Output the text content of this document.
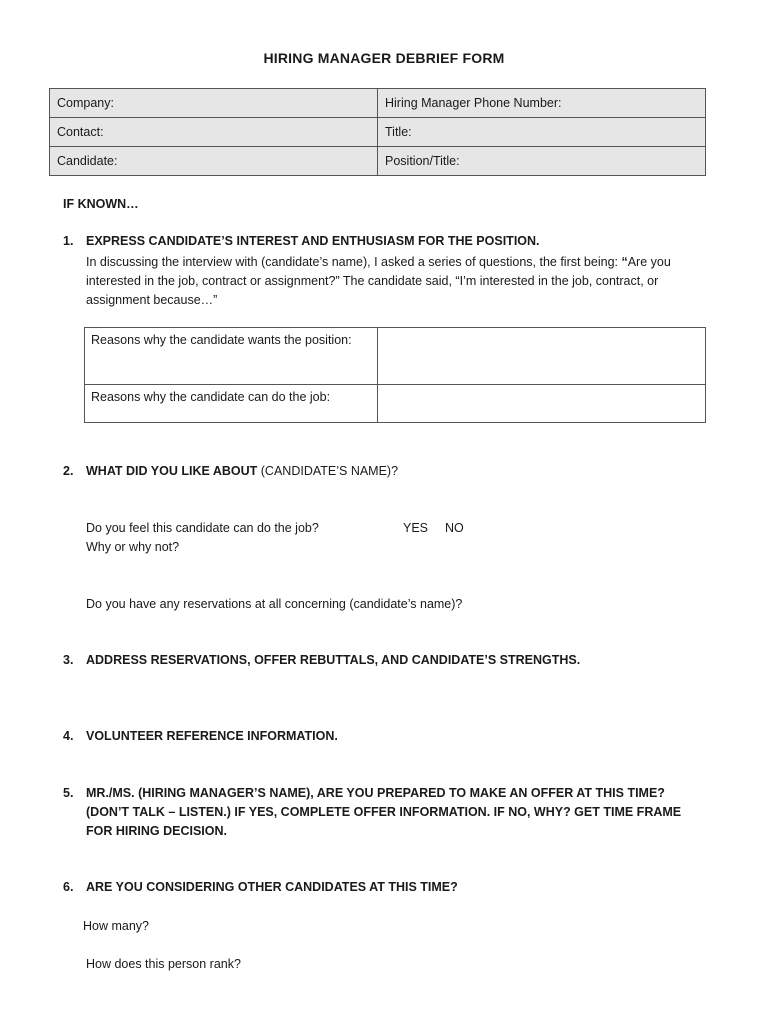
HIRING MANAGER DEBRIEF FORM
Company:	Hiring Manager Phone Number:
Contact:	Title:
Candidate:	Position/Title:
IF KNOWN…
1. EXPRESS CANDIDATE’S INTEREST AND ENTHUSIASM FOR THE POSITION.
In discussing the interview with (candidate’s name), I asked a series of questions, the first being: “Are you interested in the job, contract or assignment?” The candidate said, “I’m interested in the job, contract, or assignment because…”
Reasons why the candidate wants the position:	
Reasons why the candidate can do the job:	
2. WHAT DID YOU LIKE ABOUT (CANDIDATE’S NAME)?
Do you feel this candidate can do the job?	YES NO
Why or why not?
Do you have any reservations at all concerning (candidate’s name)?
3. ADDRESS RESERVATIONS, OFFER REBUTTALS, AND CANDIDATE’S STRENGTHS.
4. VOLUNTEER REFERENCE INFORMATION.
5. MR./MS. (HIRING MANAGER’S NAME), ARE YOU PREPARED TO MAKE AN OFFER AT THIS TIME?
(DON’T TALK – LISTEN.) IF YES, COMPLETE OFFER INFORMATION. IF NO, WHY? GET TIME FRAME
FOR HIRING DECISION.
6. ARE YOU CONSIDERING OTHER CANDIDATES AT THIS TIME?
How many?
How does this person rank?
